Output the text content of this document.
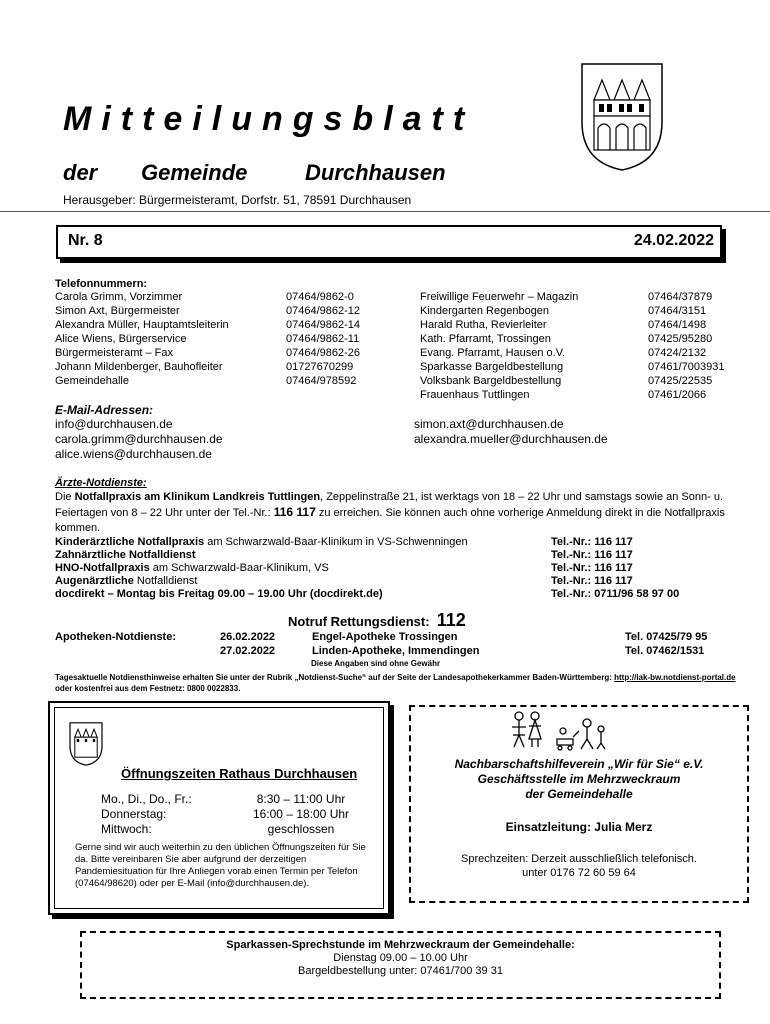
Mitteilungsblatt
der Gemeinde	Durchhausen
Herausgeber: Bürgermeisteramt, Dorfstr. 51, 78591 Durchhausen
Nr. 8	24.02.2022
Telefonnummern:
Carola Grimm, Vorzimmer	07464/9862-0
Simon Axt, Bürgermeister	07464/9862-12
Alexandra Müller, Hauptamtsleiterin	07464/9862-14
Alice Wiens, Bürgerservice	07464/9862-11
Bürgermeisteramt – Fax	07464/9862-26
Johann Mildenberger, Bauhofleiter	01727670299
Gemeindehalle	07464/978592
Freiwillige Feuerwehr – Magazin	07464/37879
Kindergarten Regenbogen	07464/3151
Harald Rutha, Revierleiter	07464/1498
Kath. Pfarramt, Trossingen	07425/95280
Evang. Pfarramt, Hausen o.V.	07424/2132
Sparkasse Bargeldbestellung	07461/7003931
Volksbank Bargeldbestellung	07425/22535
Frauenhaus Tuttlingen	07461/2066
E-Mail-Adressen:
info@durchhausen.de
carola.grimm@durchhausen.de
alice.wiens@durchhausen.de
simon.axt@durchhausen.de
alexandra.mueller@durchhausen.de
Ärzte-Notdienste:
Die Notfallpraxis am Klinikum Landkreis Tuttlingen, Zeppelinstraße 21, ist werktags von 18 – 22 Uhr und samstags sowie an Sonn- u. Feiertagen von 8 – 22 Uhr unter der Tel.-Nr.: 116 117 zu erreichen. Sie können auch ohne vorherige Anmeldung direkt in die Notfallpraxis kommen.
Kinderärztliche Notfallpraxis am Schwarzwald-Baar-Klinikum in VS-Schwenningen	Tel.-Nr.: 116 117
Zahnärztliche Notfalldienst	Tel.-Nr.: 116 117
HNO-Notfallpraxis am Schwarzwald-Baar-Klinikum, VS	Tel.-Nr.: 116 117
Augenärztliche Notfalldienst	Tel.-Nr.: 116 117
docdirekt – Montag bis Freitag 09.00 – 19.00 Uhr (docdirekt.de)	Tel.-Nr.: 0711/96 58 97 00
Notruf Rettungsdienst: 112
Apotheken-Notdienste:	26.02.2022	Engel-Apotheke Trossingen	Tel. 07425/79 95
27.02.2022	Linden-Apotheke, Immendingen	Tel. 07462/1531
Diese Angaben sind ohne Gewähr
Tagesaktuelle Notdiensthinweise erhalten Sie unter der Rubrik „Notdienst-Suche“ auf der Seite der Landesapothekerkammer Baden-Württemberg: http://lak-bw.notdienst-portal.de oder kostenfrei aus dem Festnetz: 0800 0022833.
Öffnungszeiten Rathaus Durchhausen
Mo., Di., Do., Fr.:	8:30 – 11:00 Uhr
Donnerstag:	16:00 – 18:00 Uhr
Mittwoch:	geschlossen
Gerne sind wir auch weiterhin zu den üblichen Öffnungszeiten für Sie da. Bitte vereinbaren Sie aber aufgrund der derzeitigen Pandemiesituation für Ihre Anliegen vorab einen Termin per Telefon (07464/98620) oder per E-Mail (info@durchhausen.de).
Nachbarschaftshilfeverein „Wir für Sie“ e.V.
Geschäftsstelle im Mehrzweckraum
der Gemeindehalle
Einsatzleitung: Julia Merz
Sprechzeiten: Derzeit ausschließlich telefonisch.
unter 0176 72 60 59 64
Sparkassen-Sprechstunde im Mehrzweckraum der Gemeindehalle:
Dienstag 09.00 – 10.00 Uhr
Bargeldbestellung unter: 07461/700 39 31
